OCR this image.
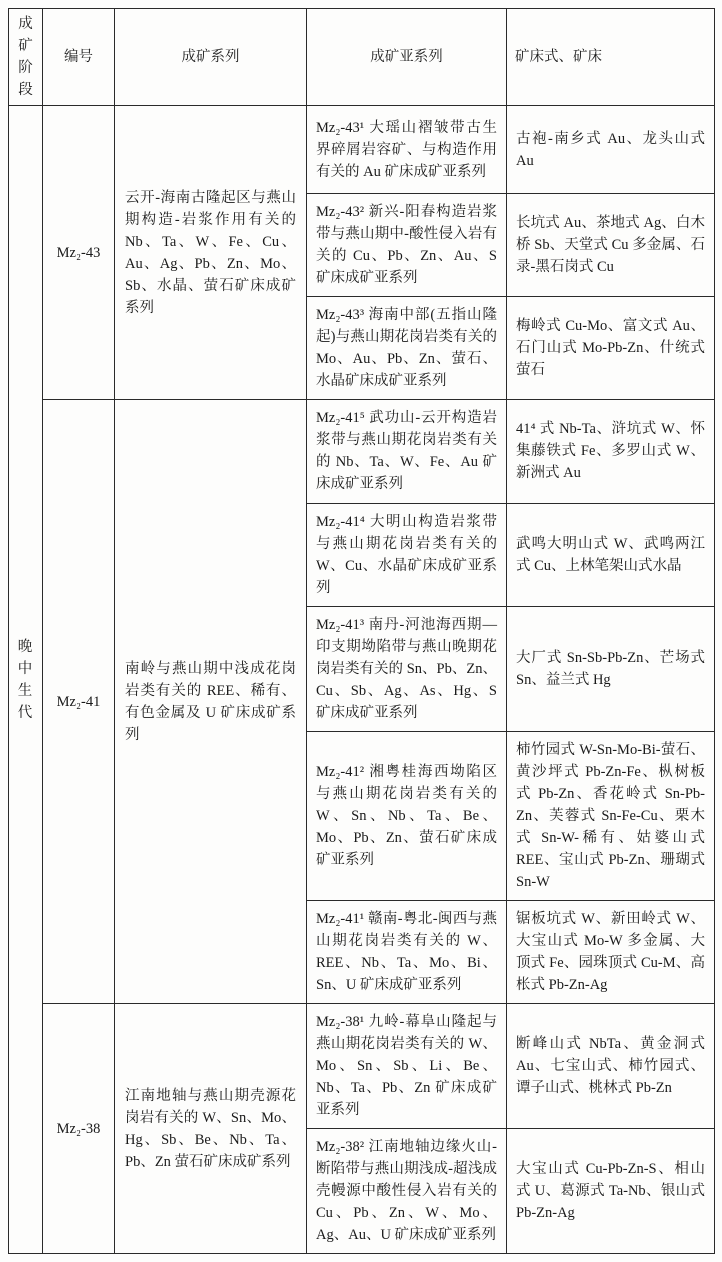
成矿阶段	编号	成矿系列	成矿亚系列	矿床式、矿床
晚中生代	Mz₂-43	云开-海南古隆起区与燕山期构造-岩浆作用有关的 Nb、Ta、W、Fe、Cu、Au、Ag、Pb、Zn、Mo、Sb、水晶、萤石矿床成矿系列	Mz₂-43¹ 大瑶山褶皱带古生界碎屑岩容矿、与构造作用有关的 Au 矿床成矿亚系列	古袍-南乡式 Au、龙头山式 Au
			Mz₂-43² 新兴-阳春构造岩浆带与燕山期中-酸性侵入岩有关的 Cu、Pb、Zn、Au、S 矿床成矿亚系列	长坑式 Au、茶地式 Ag、白木桥 Sb、天堂式 Cu 多金属、石录-黑石岗式 Cu
			Mz₂-43³ 海南中部(五指山隆起)与燕山期花岗岩类有关的 Mo、Au、Pb、Zn、萤石、水晶矿床成矿亚系列	梅岭式 Cu-Mo、富文式 Au、石门山式 Mo-Pb-Zn、什统式萤石
	Mz₂-41	南岭与燕山期中浅成花岗岩类有关的 REE、稀有、有色金属及 U 矿床成矿系列	Mz₂-41⁵ 武功山-云开构造岩浆带与燕山期花岗岩类有关的 Nb、Ta、W、Fe、Au 矿床成矿亚系列	41⁴ 式 Nb-Ta、浒坑式 W、怀集藤铁式 Fe、多罗山式 W、新洲式 Au
			Mz₂-41⁴ 大明山构造岩浆带与燕山期花岗岩类有关的 W、Cu、水晶矿床成矿亚系列	武鸣大明山式 W、武鸣两江式 Cu、上林笔架山式水晶
			Mz₂-41³ 南丹-河池海西期—印支期坳陷带与燕山晚期花岗岩类有关的 Sn、Pb、Zn、Cu、Sb、Ag、As、Hg、S 矿床成矿亚系列	大厂式 Sn-Sb-Pb-Zn、芒场式 Sn、益兰式 Hg
			Mz₂-41² 湘粤桂海西坳陷区与燕山期花岗岩类有关的 W、Sn、Nb、Ta、Be、Mo、Pb、Zn、萤石矿床成矿亚系列	柿竹园式 W-Sn-Mo-Bi-萤石、黄沙坪式 Pb-Zn-Fe、枞树板式 Pb-Zn、香花岭式 Sn-Pb-Zn、芙蓉式 Sn-Fe-Cu、栗木式 Sn-W-稀有、姑婆山式 REE、宝山式 Pb-Zn、珊瑚式 Sn-W
			Mz₂-41¹ 赣南-粤北-闽西与燕山期花岗岩类有关的 W、REE、Nb、Ta、Mo、Bi、Sn、U 矿床成矿亚系列	锯板坑式 W、新田岭式 W、大宝山式 Mo-W 多金属、大顶式 Fe、园珠顶式 Cu-M、高枨式 Pb-Zn-Ag
	Mz₂-38	江南地轴与燕山期壳源花岗岩有关的 W、Sn、Mo、Hg、Sb、Be、Nb、Ta、Pb、Zn 萤石矿床成矿系列	Mz₂-38¹ 九岭-幕阜山隆起与燕山期花岗岩类有关的 W、Mo、Sn、Sb、Li、Be、Nb、Ta、Pb、Zn 矿床成矿亚系列	断峰山式 NbTa、黄金洞式 Au、七宝山式、柿竹园式、谭子山式、桃林式 Pb-Zn
			Mz₂-38² 江南地轴边缘火山-断陷带与燕山期浅成-超浅成壳幔源中酸性侵入岩有关的 Cu、Pb、Zn、W、Mo、Ag、Au、U 矿床成矿亚系列	大宝山式 Cu-Pb-Zn-S、相山式 U、葛源式 Ta-Nb、银山式 Pb-Zn-Ag
